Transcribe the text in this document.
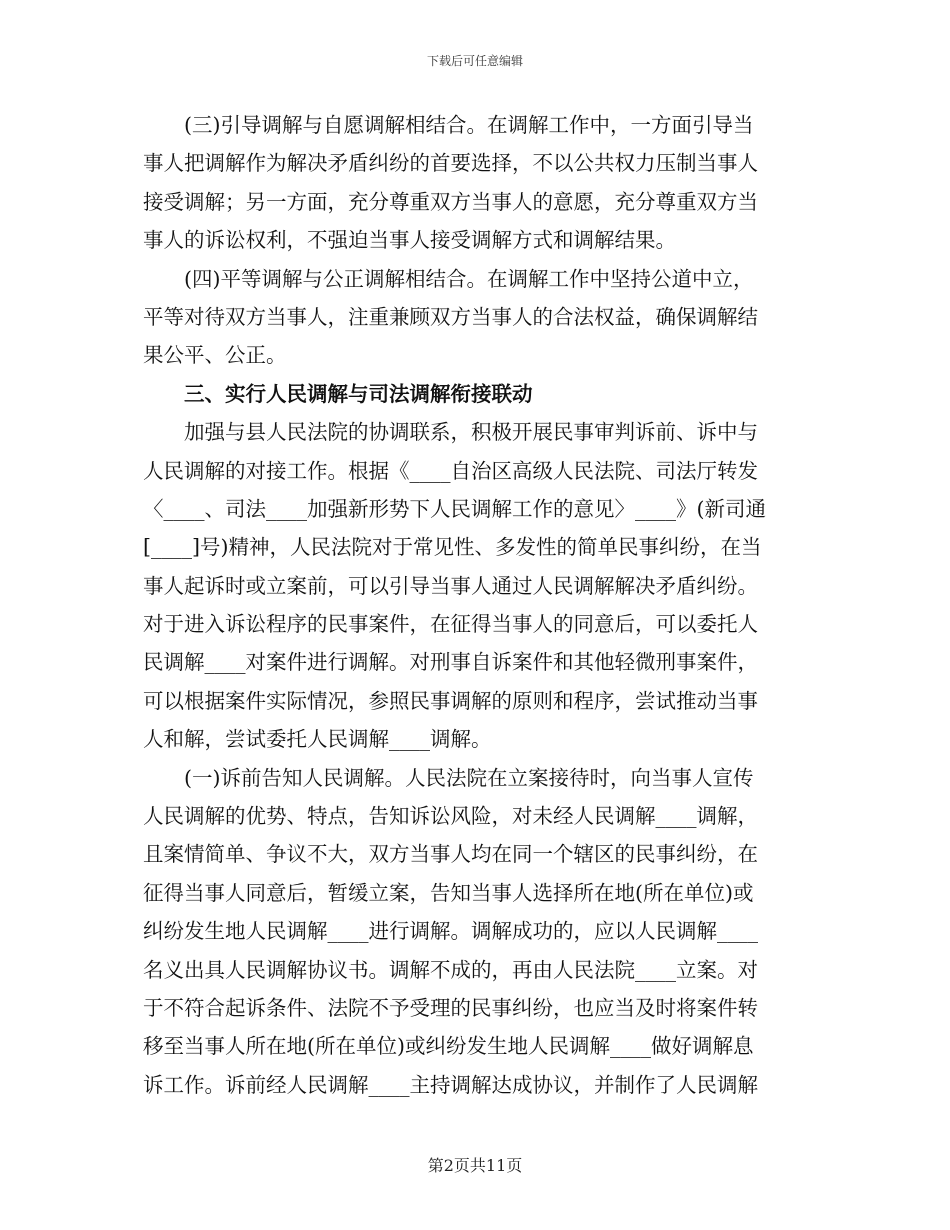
下载后可任意编辑
　　(三)引导调解与自愿调解相结合。在调解工作中，一方面引导当
事人把调解作为解决矛盾纠纷的首要选择，不以公共权力压制当事人
接受调解；另一方面，充分尊重双方当事人的意愿，充分尊重双方当
事人的诉讼权利，不强迫当事人接受调解方式和调解结果。
　　(四)平等调解与公正调解相结合。在调解工作中坚持公道中立，
平等对待双方当事人，注重兼顾双方当事人的合法权益，确保调解结
果公平、公正。
　　三、实行人民调解与司法调解衔接联动
　　加强与县人民法院的协调联系，积极开展民事审判诉前、诉中与
人民调解的对接工作。根据《____自治区高级人民法院、司法厅转发
〈____、司法____加强新形势下人民调解工作的意见〉____》(新司通
[____]号)精神，人民法院对于常见性、多发性的简单民事纠纷，在当
事人起诉时或立案前，可以引导当事人通过人民调解解决矛盾纠纷。
对于进入诉讼程序的民事案件，在征得当事人的同意后，可以委托人
民调解____对案件进行调解。对刑事自诉案件和其他轻微刑事案件，
可以根据案件实际情况，参照民事调解的原则和程序，尝试推动当事
人和解，尝试委托人民调解____调解。
　　(一)诉前告知人民调解。人民法院在立案接待时，向当事人宣传
人民调解的优势、特点，告知诉讼风险，对未经人民调解____调解，
且案情简单、争议不大，双方当事人均在同一个辖区的民事纠纷，在
征得当事人同意后，暂缓立案，告知当事人选择所在地(所在单位)或
纠纷发生地人民调解____进行调解。调解成功的，应以人民调解____
名义出具人民调解协议书。调解不成的，再由人民法院____立案。对
于不符合起诉条件、法院不予受理的民事纠纷，也应当及时将案件转
移至当事人所在地(所在单位)或纠纷发生地人民调解____做好调解息
诉工作。诉前经人民调解____主持调解达成协议，并制作了人民调解
第2页共11页
